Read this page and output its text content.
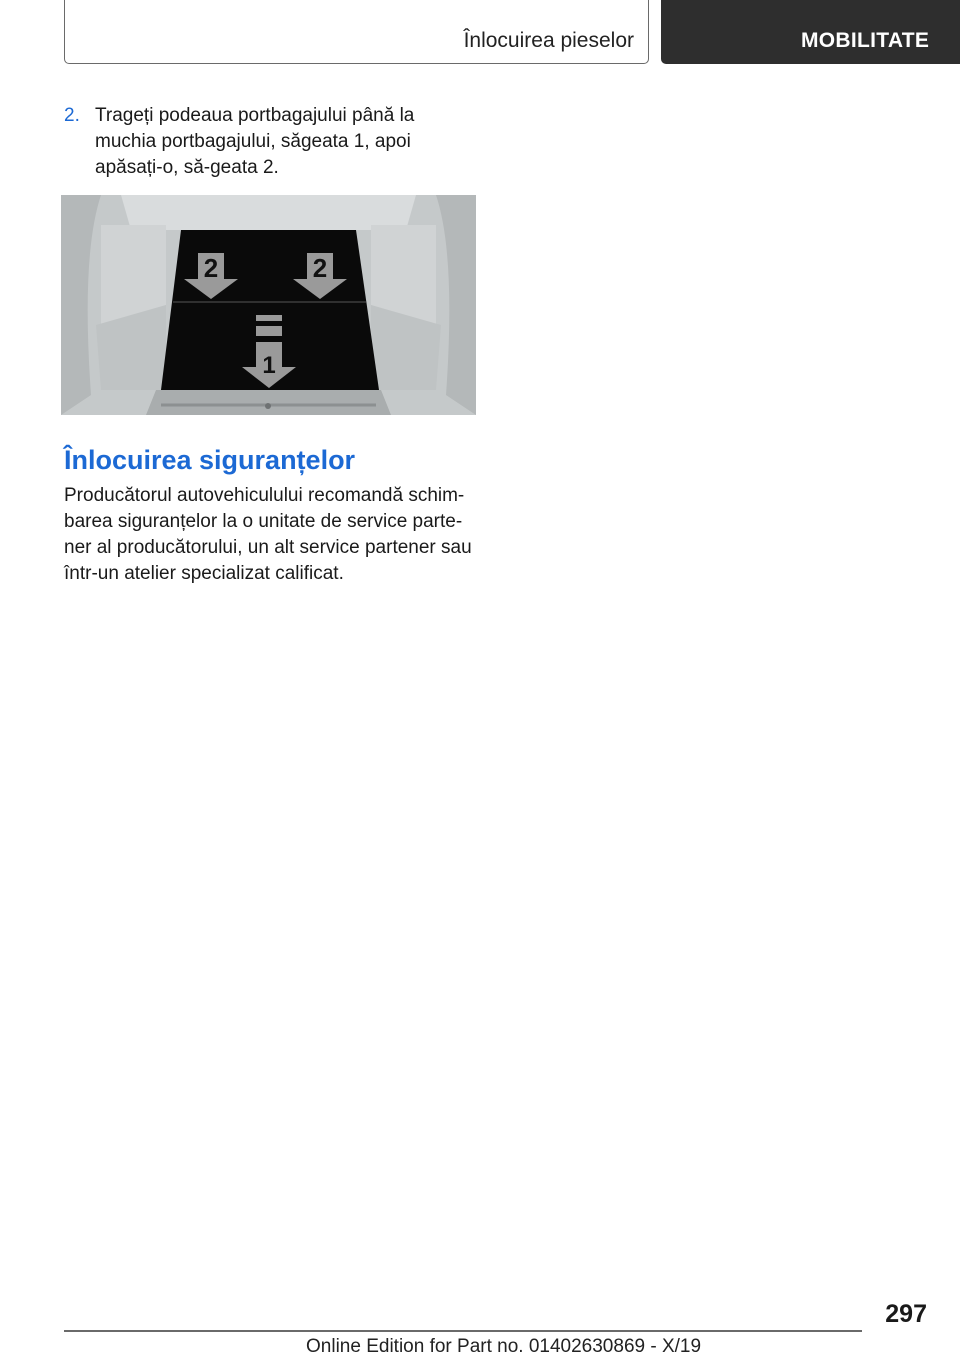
Înlocuirea pieselor	MOBILITATE
2. Trageți podeaua portbagajului până la muchia portbagajului, săgeata 1, apoi apăsați-o, să‐geata 2.
2	2
1
Înlocuirea siguranțelor
Producătorul autovehiculului recomandă schim‐barea siguranțelor la o unitate de service parte‐ner al producătorului, un alt service partener sau într-un atelier specializat calificat.
297
Online Edition for Part no. 01402630869 - X/19
